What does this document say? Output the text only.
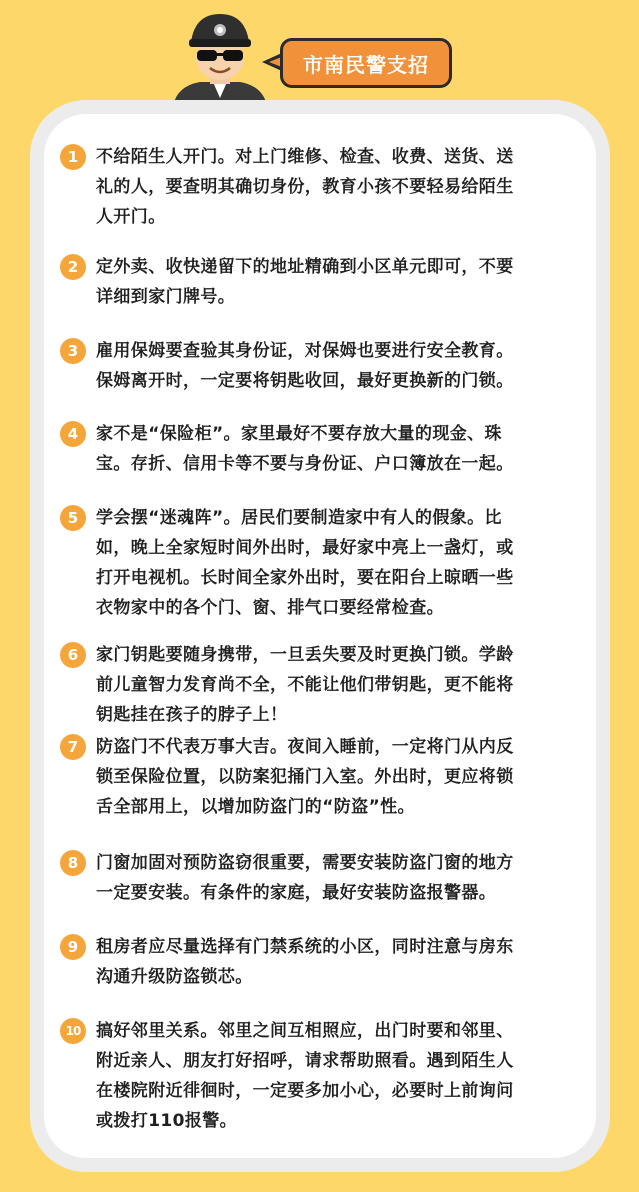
市南民警支招
1	不给陌生人开门。对上门维修、检查、收费、送货、送
礼的人，要查明其确切身份，教育小孩不要轻易给陌生
人开门。
2	定外卖、收快递留下的地址精确到小区单元即可，不要
详细到家门牌号。
3	雇用保姆要查验其身份证，对保姆也要进行安全教育。
保姆离开时，一定要将钥匙收回，最好更换新的门锁。
4	家不是“保险柜”。家里最好不要存放大量的现金、珠
宝。存折、信用卡等不要与身份证、户口簿放在一起。
5	学会摆“迷魂阵”。居民们要制造家中有人的假象。比
如，晚上全家短时间外出时，最好家中亮上一盏灯，或
打开电视机。长时间全家外出时，要在阳台上晾晒一些
衣物家中的各个门、窗、排气口要经常检查。
6	家门钥匙要随身携带，一旦丢失要及时更换门锁。学龄
前儿童智力发育尚不全，不能让他们带钥匙，更不能将
钥匙挂在孩子的脖子上！
7	防盗门不代表万事大吉。夜间入睡前，一定将门从内反
锁至保险位置，以防案犯捅门入室。外出时，更应将锁
舌全部用上，以增加防盗门的“防盗”性。
8	门窗加固对预防盗窃很重要，需要安装防盗门窗的地方
一定要安装。有条件的家庭，最好安装防盗报警器。
9	租房者应尽量选择有门禁系统的小区，同时注意与房东
沟通升级防盗锁芯。
10 搞好邻里关系。邻里之间互相照应，出门时要和邻里、
附近亲人、朋友打好招呼，请求帮助照看。遇到陌生人
在楼院附近徘徊时，一定要多加小心，必要时上前询问
或拨打110报警。
